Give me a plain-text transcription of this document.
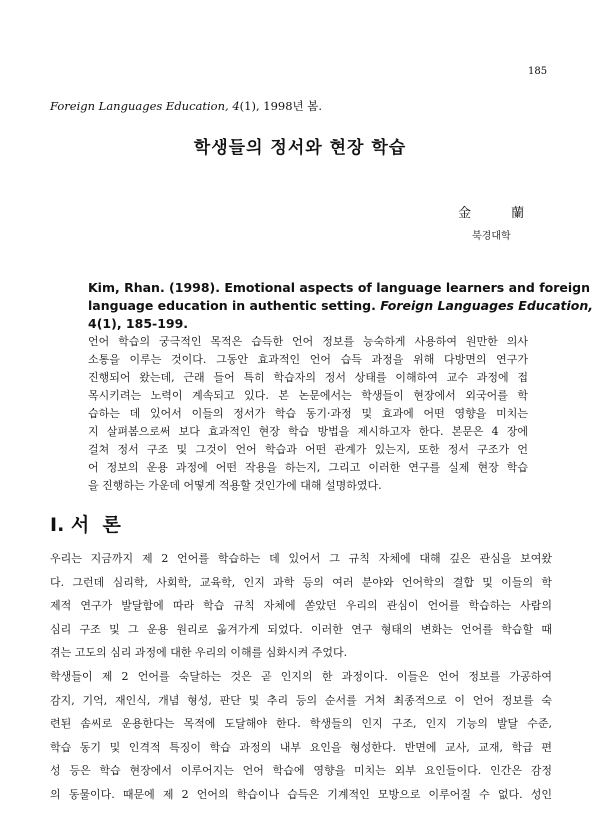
185
Foreign Languages Education, 4(1), 1998년 봄.
학생들의 정서와 현장 학습
金 蘭
북경대학
Kim, Rhan. (1998). Emotional aspects of language learners and foreign
language education in authentic setting. Foreign Languages Education,
4(1), 185-199.
언어 학습의 궁극적인 목적은 습득한 언어 정보를 능숙하게 사용하여 원만한 의사
소통을 이루는 것이다. 그동안 효과적인 언어 습득 과정을 위해 다방면의 연구가
진행되어 왔는데, 근래 들어 특히 학습자의 정서 상태를 이해하여 교수 과정에 접
목시키려는 노력이 계속되고 있다. 본 논문에서는 학생들이 현장에서 외국어를 학
습하는 데 있어서 이들의 정서가 학습 동기·과정 및 효과에 어떤 영향을 미치는
지 살펴봄으로써 보다 효과적인 현장 학습 방법을 제시하고자 한다. 본문은 4 장에
걸쳐 정서 구조 및 그것이 언어 학습과 어떤 관계가 있는지, 또한 정서 구조가 언
어 정보의 운용 과정에 어떤 작용을 하는지, 그리고 이러한 연구를 실제 현장 학습
을 진행하는 가운데 어떻게 적용할 것인가에 대해 설명하였다.
I. 서  론
우리는 지금까지 제 2 언어를 학습하는 데 있어서 그 규칙 자체에 대해 깊은 관심을 보여왔
다. 그런데 심리학, 사회학, 교육학, 인지 과학 등의 여러 분야와 언어학의 결합 및 이들의 학
제적 연구가 발달함에 따라 학습 규칙 자체에 쏟았던 우리의 관심이 언어를 학습하는 사람의
심리 구조 및 그 운용 원리로 옮겨가게 되었다. 이러한 연구 형태의 변화는 언어를 학습할 때
겪는 고도의 심리 과정에 대한 우리의 이해를 심화시켜 주었다.
학생들이 제 2 언어를 숙달하는 것은 곧 인지의 한 과정이다. 이들은 언어 정보를 가공하여
감지, 기억, 재인식, 개념 형성, 판단 및 추리 등의 순서를 거쳐 최종적으로 이 언어 정보를 숙
련된 솜씨로 운용한다는 목적에 도달해야 한다. 학생들의 인지 구조, 인지 기능의 발달 수준,
학습 동기 및 인격적 특징이 학습 과정의 내부 요인을 형성한다. 반면에 교사, 교재, 학급 편
성 등은 학습 현장에서 이루어지는 언어 학습에 영향을 미치는 외부 요인들이다. 인간은 감정
의 동물이다. 때문에 제 2 언어의 학습이나 습득은 기계적인 모방으로 이루어질 수 없다. 성인
